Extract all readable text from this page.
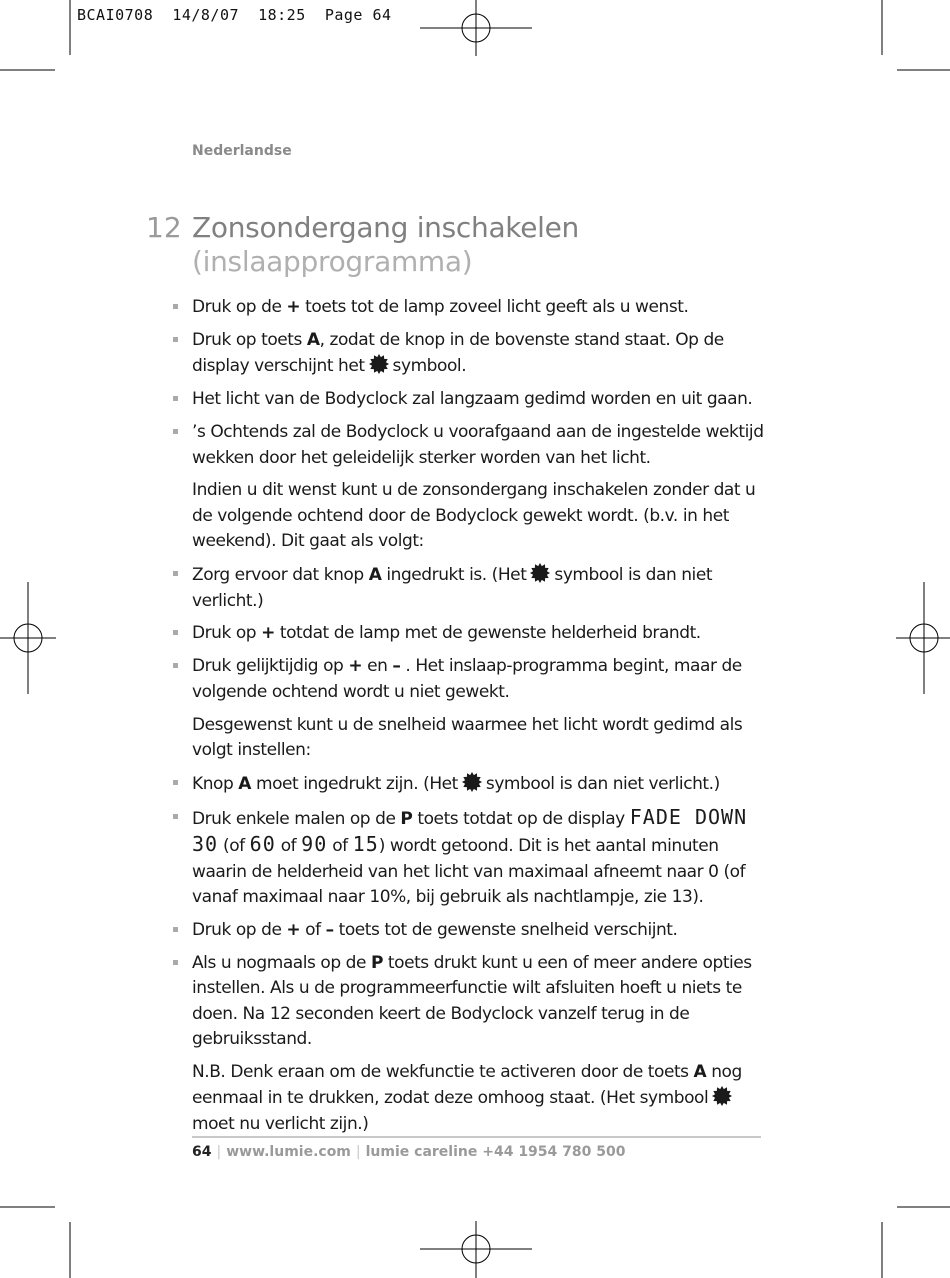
BCAI0708 14/8/07 18:25 Page 64
Nederlandse
12 Zonsondergang inschakelen
(inslaapprogramma)

Druk op de + toets tot de lamp zoveel licht geeft als u wenst.

Druk op toets A, zodat de knop in de bovenste stand staat. Op de display verschijnt het symbool.

Het licht van de Bodyclock zal langzaam gedimd worden en uit gaan.

’s Ochtends zal de Bodyclock u voorafgaand aan de ingestelde wektijd wekken door het geleidelijk sterker worden van het licht.

Indien u dit wenst kunt u de zonsondergang inschakelen zonder dat u de volgende ochtend door de Bodyclock gewekt wordt. (b.v. in het weekend). Dit gaat als volgt:

Zorg ervoor dat knop A ingedrukt is. (Het symbool is dan niet verlicht.)

Druk op + totdat de lamp met de gewenste helderheid brandt.

Druk gelijktijdig op + en – . Het inslaap-programma begint, maar de volgende ochtend wordt u niet gewekt.

Desgewenst kunt u de snelheid waarmee het licht wordt gedimd als volgt instellen:

Knop A moet ingedrukt zijn. (Het symbool is dan niet verlicht.)

Druk enkele malen op de P toets totdat op de display FADE DOWN 30 (of 60 of 90 of 15) wordt getoond. Dit is het aantal minuten waarin de helderheid van het licht van maximaal afneemt naar 0 (of vanaf maximaal naar 10%, bij gebruik als nachtlampje, zie 13).

Druk op de + of – toets tot de gewenste snelheid verschijnt.

Als u nogmaals op de P toets drukt kunt u een of meer andere opties instellen. Als u de programmeerfunctie wilt afsluiten hoeft u niets te doen. Na 12 seconden keert de Bodyclock vanzelf terug in de gebruiksstand.

N.B. Denk eraan om de wekfunctie te activeren door de toets A nog eenmaal in te drukken, zodat deze omhoog staat. (Het symboolmoet nu verlicht zijn.)

64 | www.lumie.com | lumie careline +44 1954 780 500
